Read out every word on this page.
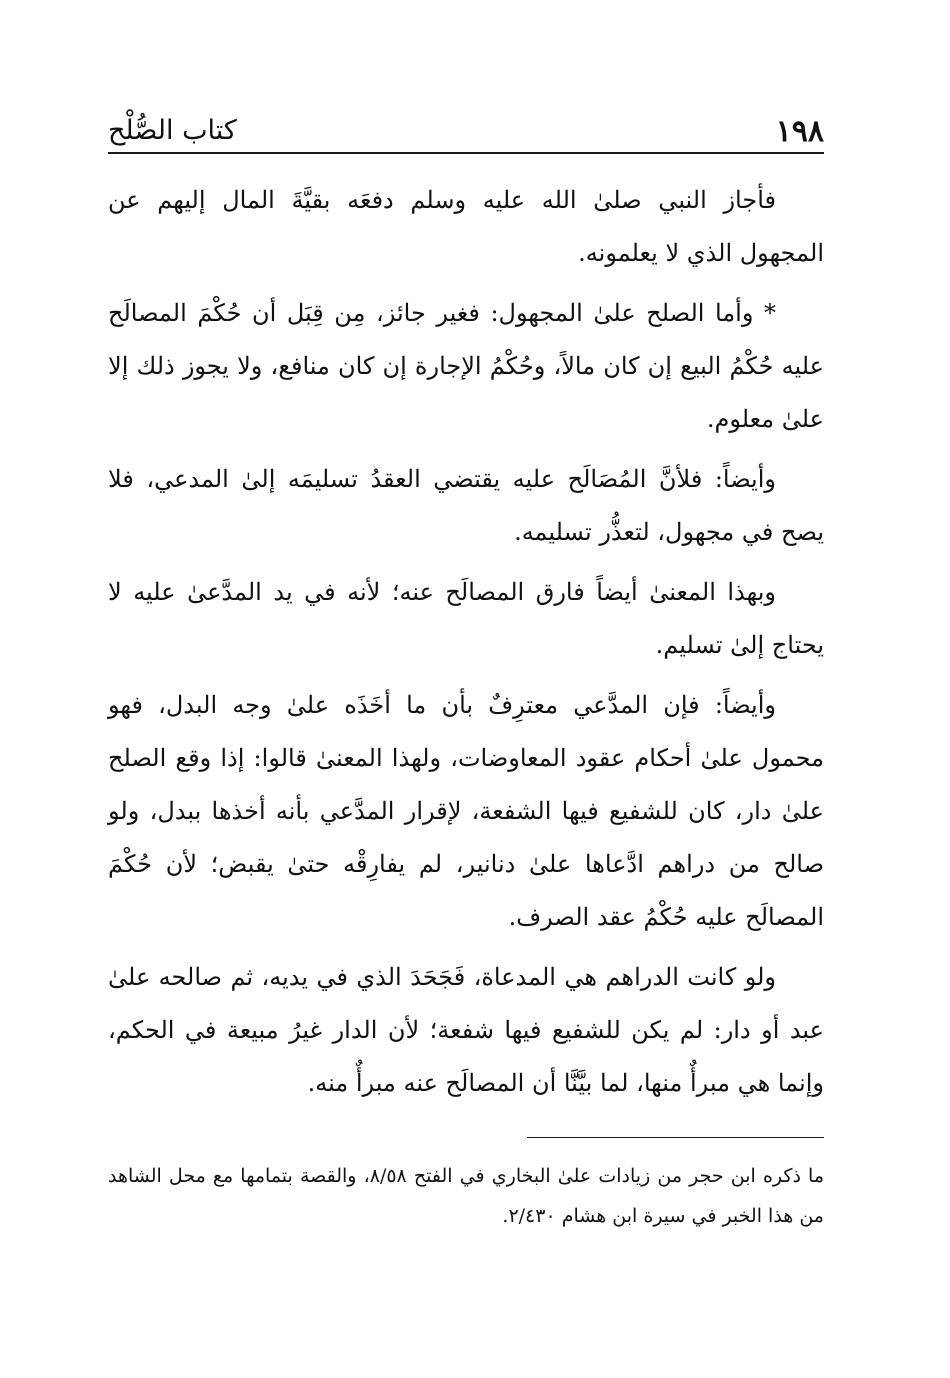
١٩٨
كتاب الصُّلْح

فأجاز النبي صلىٰ الله عليه وسلم دفعَه بقيَّةَ المال إليهم عن المجهول الذي لا يعلمونه.

* وأما الصلح علىٰ المجهول: فغير جائز، مِن قِبَل أن حُكْمَ المصالَح عليه حُكْمُ البيع إن كان مالاً، وحُكْمُ الإجارة إن كان منافع، ولا يجوز ذلك إلا علىٰ معلوم.

وأيضاً: فلأنَّ المُصَالَح عليه يقتضي العقدُ تسليمَه إلىٰ المدعي، فلا يصح في مجهول، لتعذُّر تسليمه.

وبهذا المعنىٰ أيضاً فارق المصالَح عنه؛ لأنه في يد المدَّعىٰ عليه لا يحتاج إلىٰ تسليم.

وأيضاً: فإن المدَّعي معترِفٌ بأن ما أخَذَه علىٰ وجه البدل، فهو محمول علىٰ أحكام عقود المعاوضات، ولهذا المعنىٰ قالوا: إذا وقع الصلح علىٰ دار، كان للشفيع فيها الشفعة، لإقرار المدَّعي بأنه أخذها ببدل، ولو صالح من دراهم ادَّعاها علىٰ دنانير، لم يفارِقْه حتىٰ يقبض؛ لأن حُكْمَ المصالَح عليه حُكْمُ عقد الصرف.

ولو كانت الدراهم هي المدعاة، فَجَحَدَ الذي في يديه، ثم صالحه علىٰ عبد أو دار: لم يكن للشفيع فيها شفعة؛ لأن الدار غيرُ مبيعة في الحكم، وإنما هي مبرأٌ منها، لما بيَّنَّا أن المصالَح عنه مبرأٌ منه.

ما ذكره ابن حجر من زيادات علىٰ البخاري في الفتح ٨/٥٨، والقصة بتمامها مع محل الشاهد من هذا الخبر في سيرة ابن هشام ٢/٤٣٠.
